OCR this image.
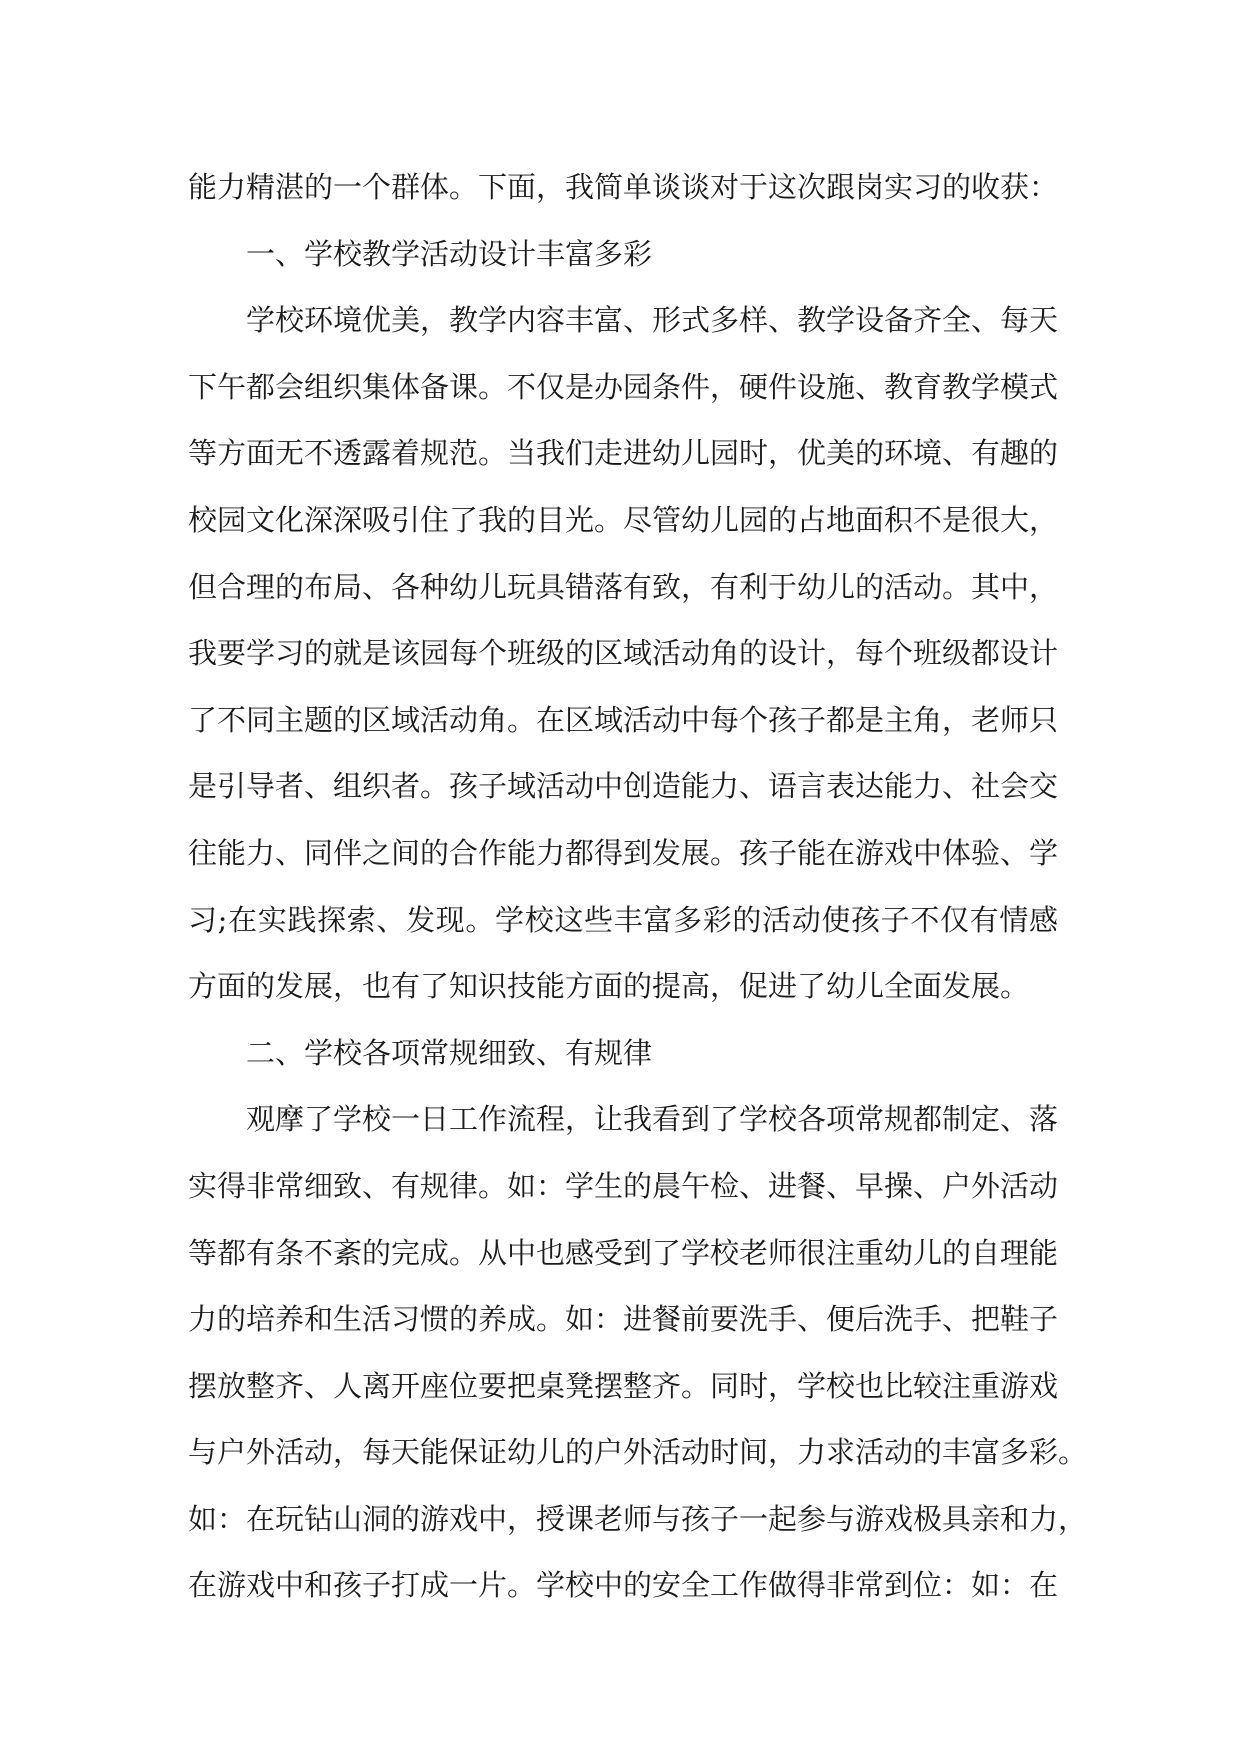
能力精湛的一个群体。下面，我简单谈谈对于这次跟岗实习的收获：
一、学校教学活动设计丰富多彩
学校环境优美，教学内容丰富、形式多样、教学设备齐全、每天
下午都会组织集体备课。不仅是办园条件，硬件设施、教育教学模式
等方面无不透露着规范。当我们走进幼儿园时，优美的环境、有趣的
校园文化深深吸引住了我的目光。尽管幼儿园的占地面积不是很大，
但合理的布局、各种幼儿玩具错落有致，有利于幼儿的活动。其中，
我要学习的就是该园每个班级的区域活动角的设计，每个班级都设计
了不同主题的区域活动角。在区域活动中每个孩子都是主角，老师只
是引导者、组织者。孩子域活动中创造能力、语言表达能力、社会交
往能力、同伴之间的合作能力都得到发展。孩子能在游戏中体验、学
习;在实践探索、发现。学校这些丰富多彩的活动使孩子不仅有情感
方面的发展，也有了知识技能方面的提高，促进了幼儿全面发展。
二、学校各项常规细致、有规律
观摩了学校一日工作流程，让我看到了学校各项常规都制定、落
实得非常细致、有规律。如：学生的晨午检、进餐、早操、户外活动
等都有条不紊的完成。从中也感受到了学校老师很注重幼儿的自理能
力的培养和生活习惯的养成。如：进餐前要洗手、便后洗手、把鞋子
摆放整齐、人离开座位要把桌凳摆整齐。同时，学校也比较注重游戏
与户外活动，每天能保证幼儿的户外活动时间，力求活动的丰富多彩。
如：在玩钻山洞的游戏中，授课老师与孩子一起参与游戏极具亲和力，
在游戏中和孩子打成一片。学校中的安全工作做得非常到位：如：在
